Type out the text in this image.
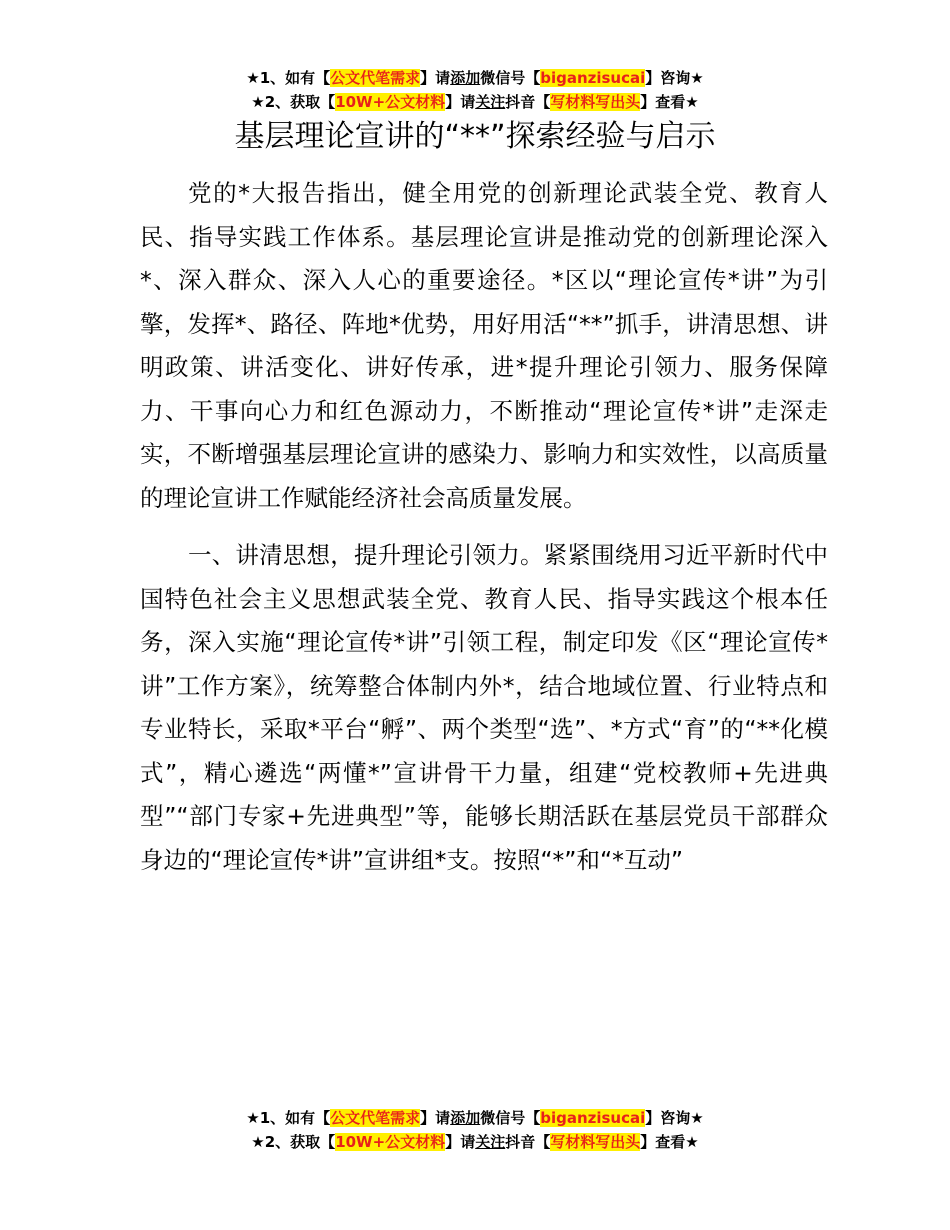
★1、如有【公文代笔需求】请添加微信号【biganzisucai】咨询★
★2、获取【10W+公文材料】请关注抖音【写材料写出头】查看★
基层理论宣讲的“**”探索经验与启示

党的*大报告指出，健全用党的创新理论武装全党、教育人民、指导实践工作体系。基层理论宣讲是推动党的创新理论深入*、深入群众、深入人心的重要途径。*区以“理论宣传*讲”为引擎，发挥*、路径、阵地*优势，用好用活“**”抓手，讲清思想、讲明政策、讲活变化、讲好传承，进*提升理论引领力、服务保障力、干事向心力和红色源动力，不断推动“理论宣传*讲”走深走实，不断增强基层理论宣讲的感染力、影响力和实效性，以高质量的理论宣讲工作赋能经济社会高质量发展。

一、讲清思想，提升理论引领力。紧紧围绕用习近平新时代中国特色社会主义思想武装全党、教育人民、指导实践这个根本任务，深入实施“理论宣传*讲”引领工程，制定印发《区“理论宣传*讲”工作方案》，统筹整合体制内外*，结合地域位置、行业特点和专业特长，采取*平台“孵”、两个类型“选”、*方式“育”的“**化模式”，精心遴选“两懂*”宣讲骨干力量，组建“党校教师+先进典型”“部门专家+先进典型”等，能够长期活跃在基层党员干部群众身边的“理论宣传*讲”宣讲组*支。按照“*”和“*互动”

★1、如有【公文代笔需求】请添加微信号【biganzisucai】咨询★
★2、获取【10W+公文材料】请关注抖音【写材料写出头】查看★
